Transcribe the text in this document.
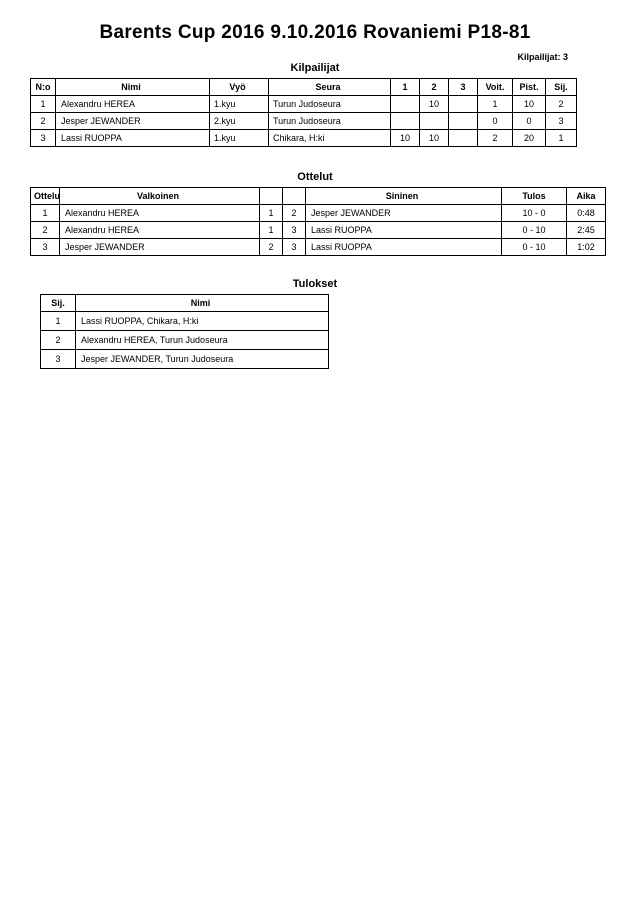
Barents Cup 2016 9.10.2016 Rovaniemi P18-81
Kilpailijat: 3
Kilpailijat
N:o	Nimi	Vyö	Seura	1	2	3	Voit.	Pist.	Sij.
1	Alexandru HEREA	1.kyu	Turun Judoseura		10		1	10	2
2	Jesper JEWANDER	2.kyu	Turun Judoseura				0	0	3
3	Lassi RUOPPA	1.kyu	Chikara, H:ki	10	10		2	20	1
Ottelut
Ottelu	Valkoinen			Sininen	Tulos	Aika
1	Alexandru HEREA	1	2	Jesper JEWANDER	10 - 0	0:48
2	Alexandru HEREA	1	3	Lassi RUOPPA	0 - 10	2:45
3	Jesper JEWANDER	2	3	Lassi RUOPPA	0 - 10	1:02
Tulokset
Sij.	Nimi
1	Lassi RUOPPA, Chikara, H:ki
2	Alexandru HEREA, Turun Judoseura
3	Jesper JEWANDER, Turun Judoseura
